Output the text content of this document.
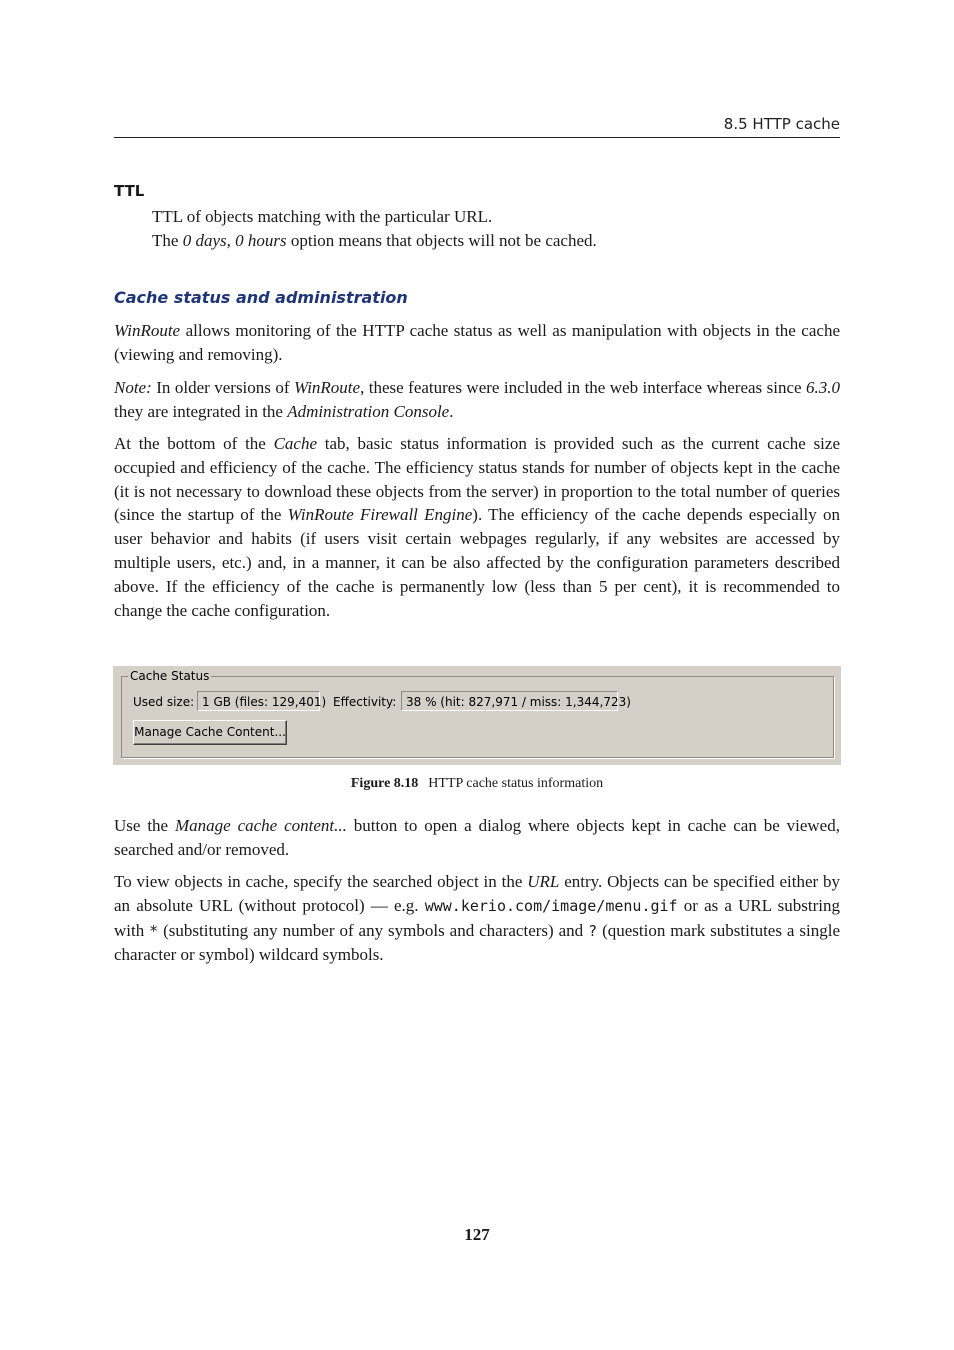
8.5 HTTP cache
TTL
TTL of objects matching with the particular URL.
The 0 days, 0 hours option means that objects will not be cached.
Cache status and administration

WinRoute allows monitoring of the HTTP cache status as well as manipulation with objects in the cache (viewing and removing).

Note: In older versions of WinRoute, these features were included in the web interface whereas since 6.3.0 they are integrated in the Administration Console.

At the bottom of the Cache tab, basic status information is provided such as the current cache size occupied and efficiency of the cache. The efficiency status stands for number of objects kept in the cache (it is not necessary to download these objects from the server) in proportion to the total number of queries (since the startup of the WinRoute Firewall Engine). The efficiency of the cache depends especially on user behavior and habits (if users visit certain webpages regularly, if any websites are accessed by multiple users, etc.) and, in a manner, it can be also affected by the configuration parameters described above. If the efficiency of the cache is permanently low (less than 5 per cent), it is recommended to change the cache configuration.

Cache Status
Used size: 1 GB (files: 129,401) Effectivity: 38 % (hit: 827,971 / miss: 1,344,723)
Manage Cache Content...
Figure 8.18 HTTP cache status information

Use the Manage cache content... button to open a dialog where objects kept in cache can be viewed, searched and/or removed.

To view objects in cache, specify the searched object in the URL entry. Objects can be specified either by an absolute URL (without protocol) — e.g. www.kerio.com/image/menu.gif or as a URL substring with * (substituting any number of any symbols and characters) and ? (question mark substitutes a single character or symbol) wildcard symbols.

127
